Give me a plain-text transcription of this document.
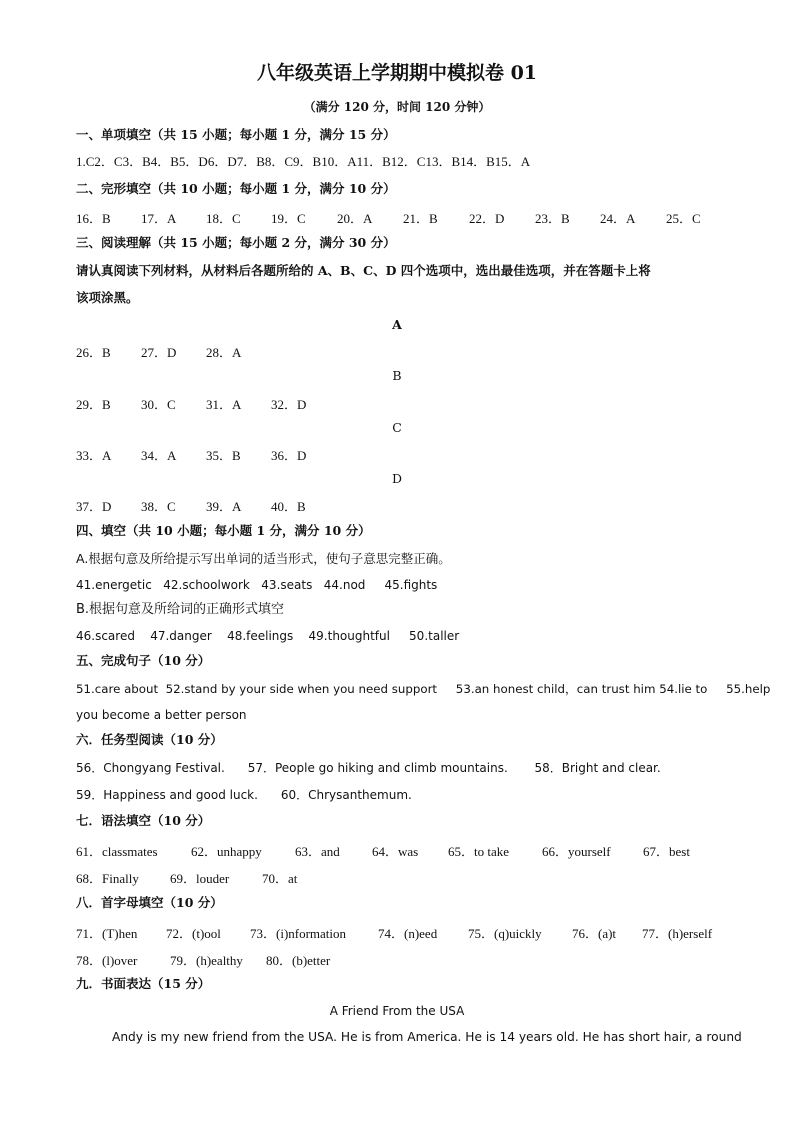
八年级英语上学期期中模拟卷 01
（满分 120 分，时间 120 分钟）
一、单项填空（共 15 小题；每小题 1 分，满分 15 分）
1.C2．C3．B4．B5．D6．D7．B8．C9．B10．A11．B12．C13．B14．B15．A
二、完形填空（共 10 小题；每小题 1 分，满分 10 分）
16．B 17．A 18．C 19．C 20．A 21．B 22．D 23．B 24．A 25．C
三、阅读理解（共 15 小题；每小题 2 分，满分 30 分）
请认真阅读下列材料，从材料后各题所给的 A、B、C、D 四个选项中，选出最佳选项，并在答题卡上将
该项涂黑。
A
26．B 27．D 28．A
B
29．B 30．C 31．A 32．D
C
33．A 34．A 35．B 36．D
D
37．D 38．C 39．A 40．B
四、填空（共 10 小题；每小题 1 分，满分 10 分）
A.根据句意及所给提示写出单词的适当形式，使句子意思完整正确。
41.energetic   42.schoolwork   43.seats   44.nod     45.fights
B.根据句意及所给词的正确形式填空
46.scared    47.danger    48.feelings    49.thoughtful     50.taller
五、完成句子（10 分）
51.care about  52.stand by your side when you need support     53.an honest child，can trust him 54.lie to     55.help
you become a better person
六．任务型阅读（10 分）
56．Chongyang Festival.      57．People go hiking and climb mountains.       58．Bright and clear.
59．Happiness and good luck.      60．Chrysanthemum.
七．语法填空（10 分）
61．classmates	62．unhappy	63．and 64．was 65．to take	66．yourself 67．best
68．Finally 69．louder	70．at
八．首字母填空（10 分）
71．(T)hen 72．(t)ool 73．(i)nformation 74．(n)eed 75．(q)uickly 76．(a)t 77．(h)erself
78．(l)over	79．(h)ealthy 80．(b)etter
九．书面表达（15 分）
A Friend From the USA
Andy is my new friend from the USA. He is from America. He is 14 years old. He has short hair, a round
